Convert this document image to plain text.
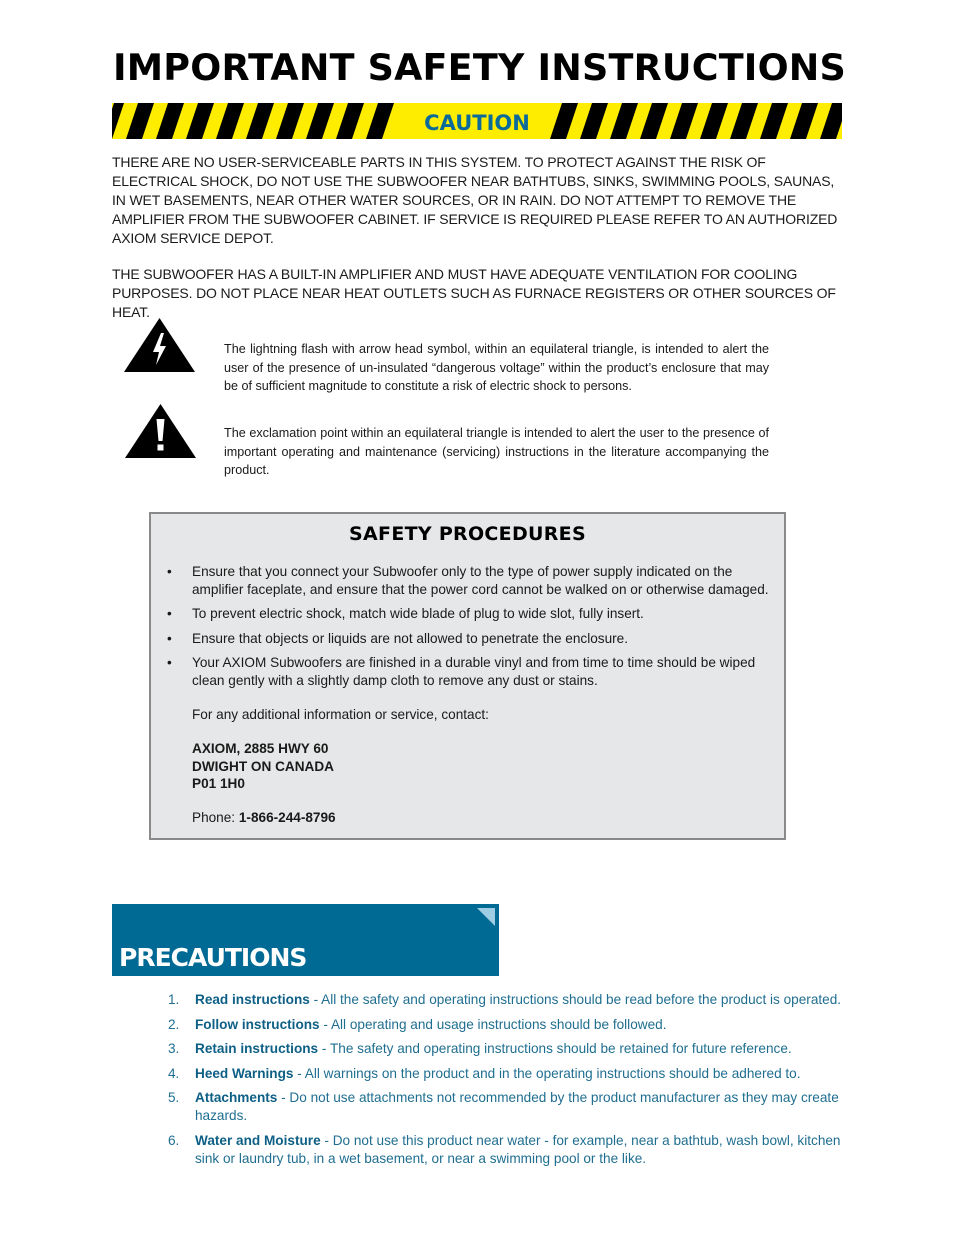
IMPORTANT SAFETY INSTRUCTIONS
CAUTION

THERE ARE NO USER-SERVICEABLE PARTS IN THIS SYSTEM. TO PROTECT AGAINST THE RISK OF ELECTRICAL SHOCK, DO NOT USE THE SUBWOOFER NEAR BATHTUBS, SINKS, SWIMMING POOLS, SAUNAS, IN WET BASEMENTS, NEAR OTHER WATER SOURCES, OR IN RAIN. DO NOT ATTEMPT TO REMOVE THE AMPLIFIER FROM THE SUBWOOFER CABINET. IF SERVICE IS REQUIRED PLEASE REFER TO AN AUTHORIZED AXIOM SERVICE DEPOT.

THE SUBWOOFER HAS A BUILT-IN AMPLIFIER AND MUST HAVE ADEQUATE VENTILATION FOR COOLING PURPOSES. DO NOT PLACE NEAR HEAT OUTLETS SUCH AS FURNACE REGISTERS OR OTHER SOURCES OF HEAT.

The lightning flash with arrow head symbol, within an equilateral triangle, is intended to alert the user of the presence of un-insulated “dangerous voltage” within the product’s enclosure that may be of sufficient magnitude to constitute a risk of electric shock to persons.

The exclamation point within an equilateral triangle is intended to alert the user to the presence of important operating and maintenance (servicing) instructions in the literature accompanying the product.

SAFETY PROCEDURES
• Ensure that you connect your Subwoofer only to the type of power supply indicated on the amplifier faceplate, and ensure that the power cord cannot be walked on or otherwise damaged.
• To prevent electric shock, match wide blade of plug to wide slot, fully insert.
• Ensure that objects or liquids are not allowed to penetrate the enclosure.
• Your AXIOM Subwoofers are finished in a durable vinyl and from time to time should be wiped clean gently with a slightly damp cloth to remove any dust or stains.

For any additional information or service, contact:

AXIOM, 2885 HWY 60
DWIGHT ON CANADA
P01 1H0

Phone: 1-866-244-8796

PRECAUTIONS
1. Read instructions - All the safety and operating instructions should be read before the product is operated.
2. Follow instructions - All operating and usage instructions should be followed.
3. Retain instructions - The safety and operating instructions should be retained for future reference.
4. Heed Warnings - All warnings on the product and in the operating instructions should be adhered to.
5. Attachments - Do not use attachments not recommended by the product manufacturer as they may create hazards.
6. Water and Moisture - Do not use this product near water - for example, near a bathtub, wash bowl, kitchen sink or laundry tub, in a wet basement, or near a swimming pool or the like.
